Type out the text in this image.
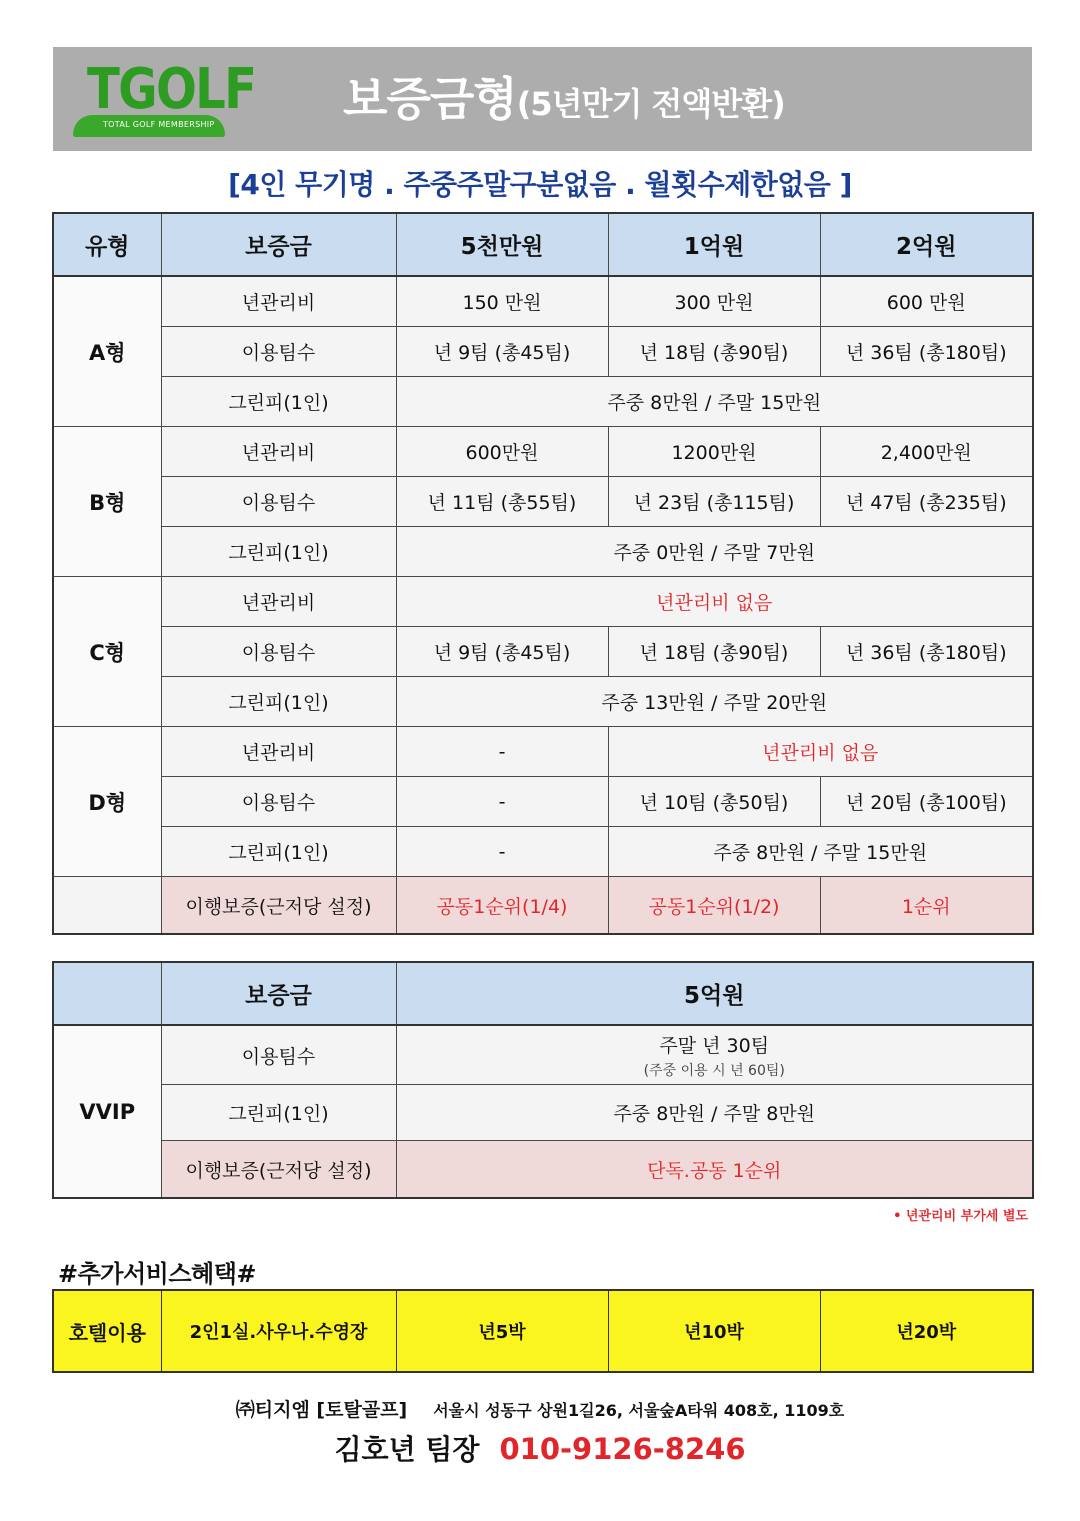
TGOLF
TOTAL GOLF MEMBERSHIP	보증금형(5년만기 전액반환)
[4인 무기명 . 주중주말구분없음 . 월횟수제한없음 ]
유형	보증금	5천만원	1억원	2억원
A형	년관리비	150 만원	300 만원	600 만원
	이용팀수	년 9팀 (총45팀)	년 18팀 (총90팀)	년 36팀 (총180팀)
	그린피(1인)	주중 8만원 / 주말 15만원		
B형	년관리비	600만원	1200만원	2,400만원
	이용팀수	년 11팀 (총55팀)	년 23팀 (총115팀)	년 47팀 (총235팀)
	그린피(1인)	주중 0만원 / 주말 7만원		
C형	년관리비	년관리비 없음		
	이용팀수	년 9팀 (총45팀)	년 18팀 (총90팀)	년 36팀 (총180팀)
	그린피(1인)	주중 13만원 / 주말 20만원		
D형	년관리비	-	년관리비 없음	
	이용팀수	-	년 10팀 (총50팀)	년 20팀 (총100팀)
	그린피(1인)	-	주중 8만원 / 주말 15만원	
	이행보증(근저당 설정)	공동1순위(1/4)	공동1순위(1/2)	1순위
	보증금	5억원
VVIP	이용팀수	주말 년 30팀
(주중 이용 시 년 60팀)

	그린피(1인)	주중 8만원 / 주말 8만원
	이행보증(근저당 설정)	단독.공동 1순위
• 년관리비 부가세 별도
#추가서비스혜택#
호텔이용	2인1실.사우나.수영장	년5박	년10박	년20박
㈜티지엠 [토탈골프] 서울시 성동구 상원1길26, 서울숲A타워 408호, 1109호
김호년 팀장 010-9126-8246
